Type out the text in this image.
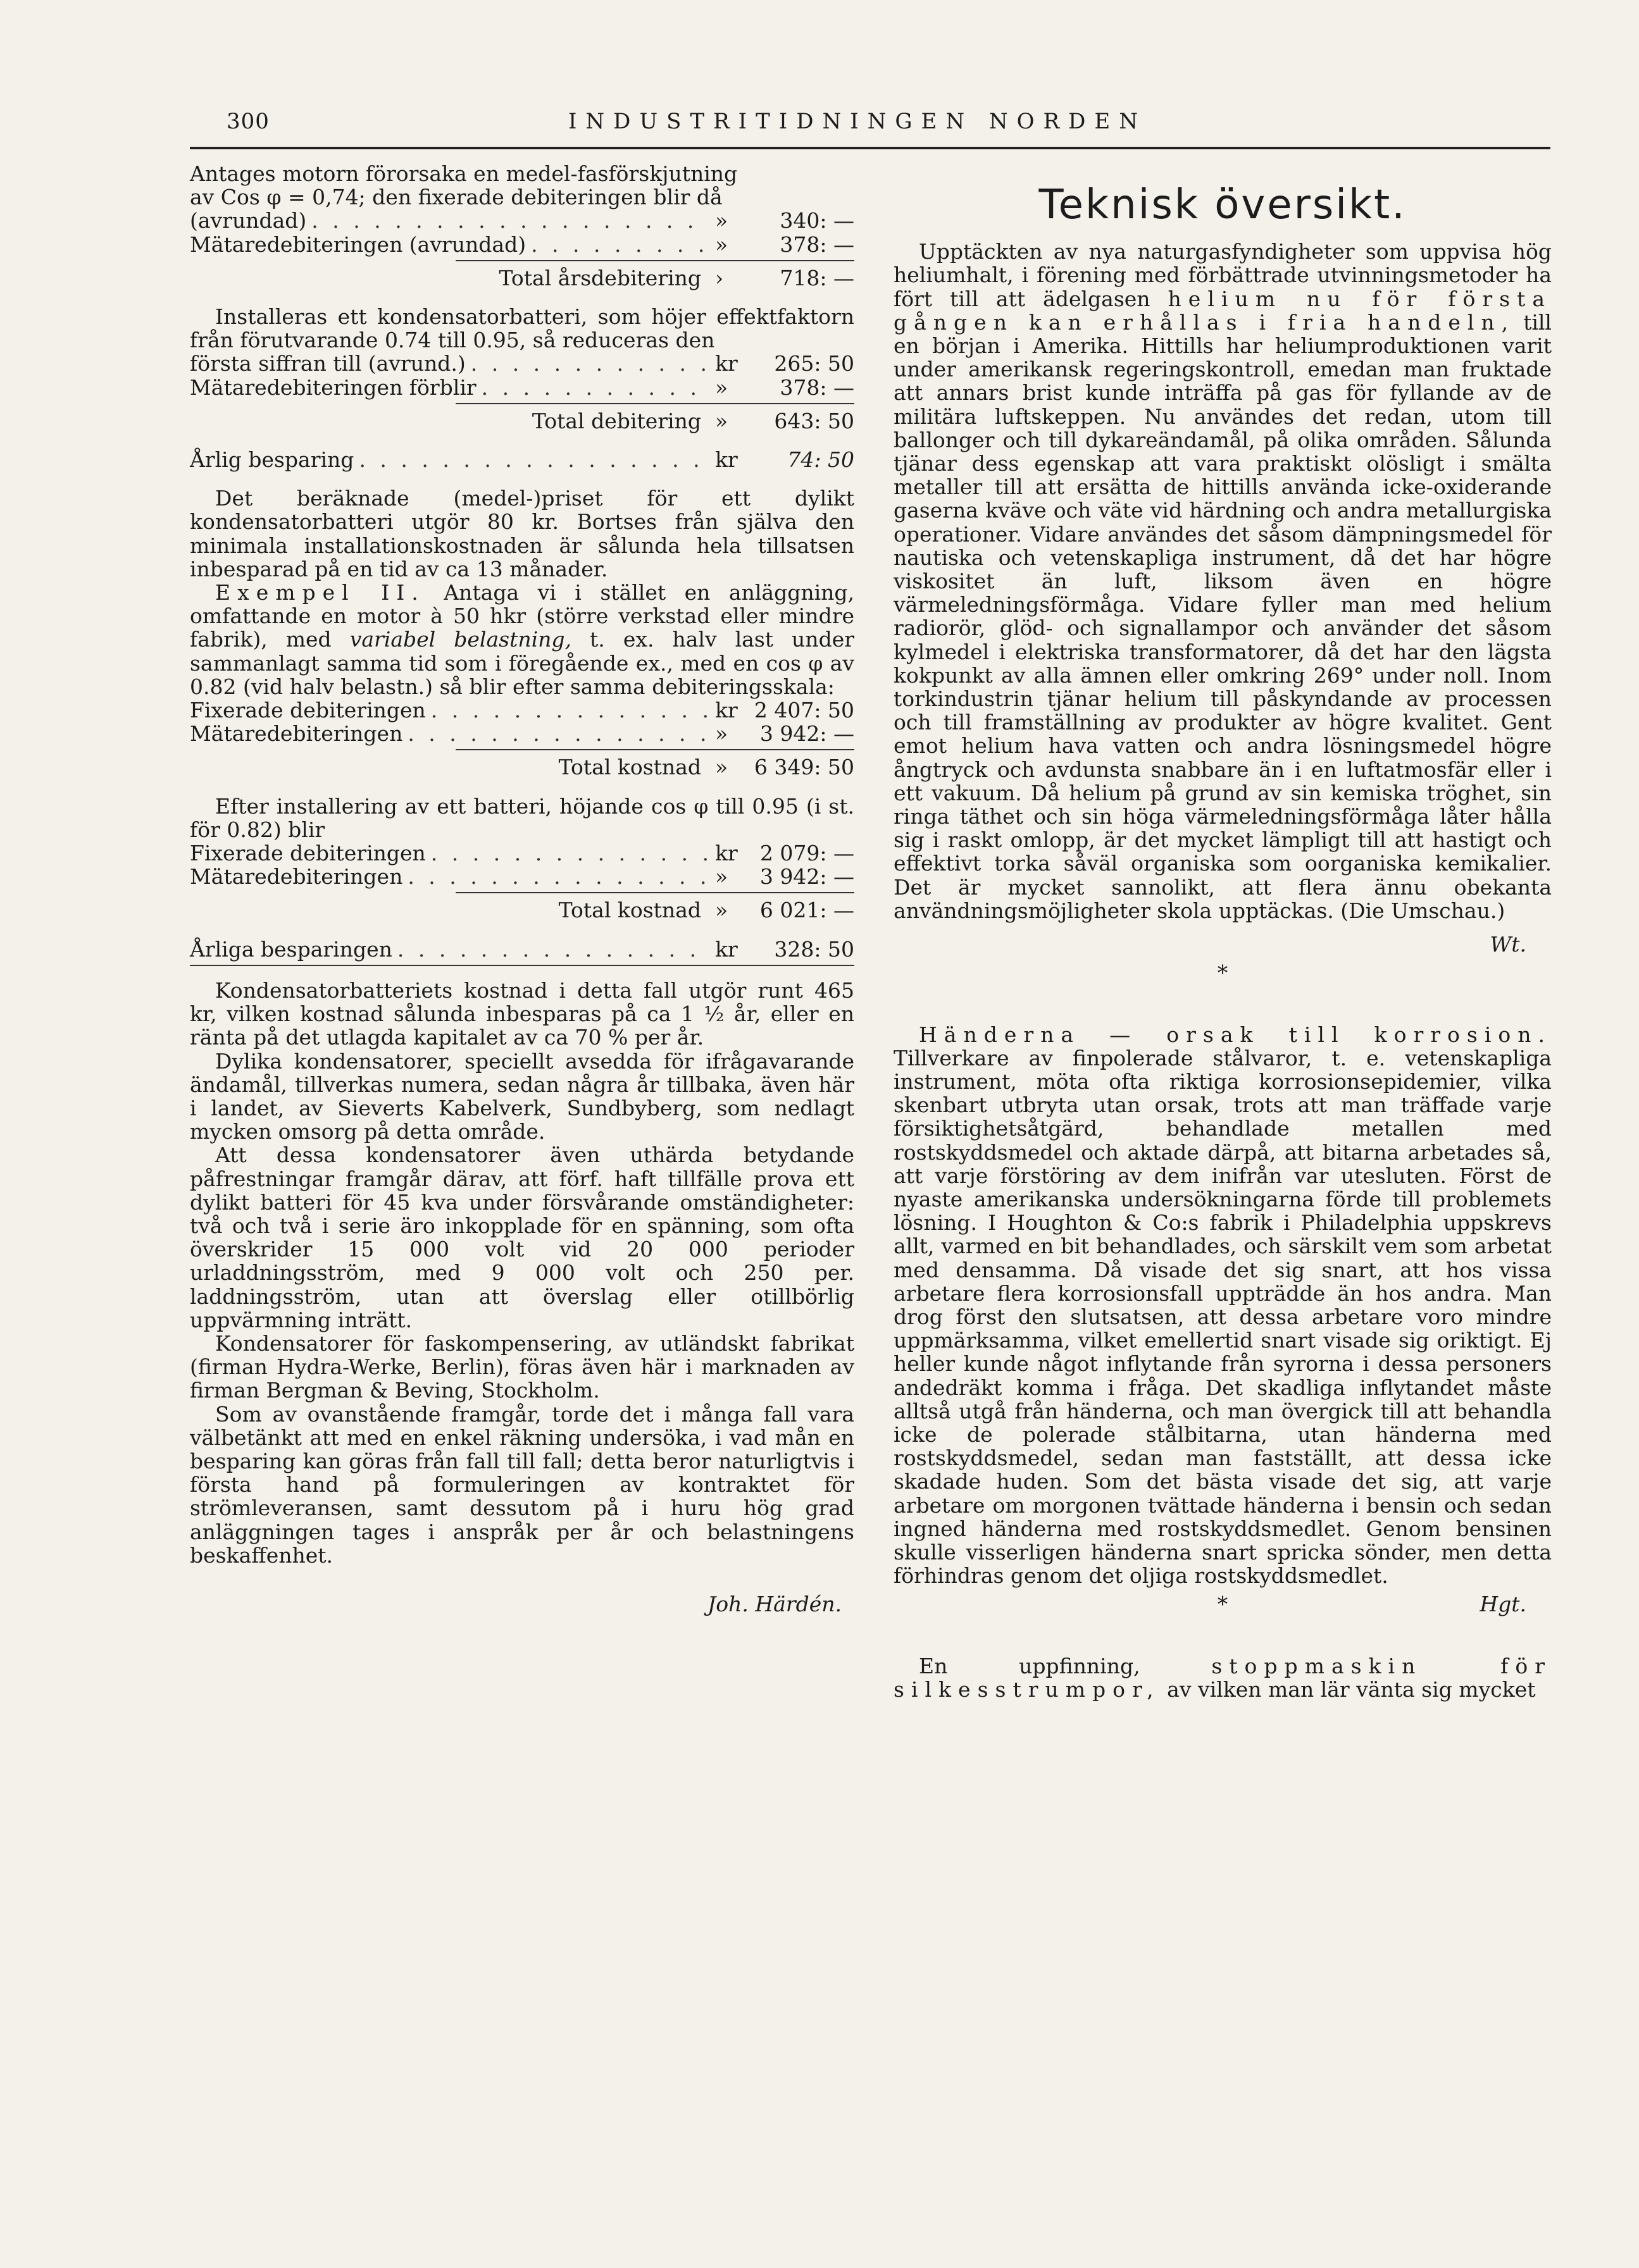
300	INDUSTRITIDNINGEN NORDEN

Antages motorn förorsaka en medel-fasförskjutning

av Cos φ = 0,74; den fixerade debiteringen blir då

(avrundad) . . .	»	340: —
Mätaredebiteringen (avrundad) . . .	»	378: —
Total årsdebitering ›	718: —

Installeras ett kondensatorbatteri, som höjer effektfaktorn från förutvarande 0.74 till 0.95, så reduceras den

första siffran till (avrund.) . . .	kr	265: 50
Mätaredebiteringen förblir . . .	»	378: —
Total debitering »	643: 50
Årlig besparing . . .	kr	74: 50

Det beräknade (medel-)priset för ett dylikt kondensatorbatteri utgör 80 kr. Bortses från själva den minimala installationskostnaden är sålunda hela tillsatsen inbesparad på en tid av ca 13 månader.

Exempel II. Antaga vi i stället en anläggning, omfattande en motor à 50 hkr (större verkstad eller mindre fabrik), med variabel belastning, t. ex. halv last under sammanlagt samma tid som i föregående ex., med en cos φ av 0.82 (vid halv belastn.) så blir efter samma debiteringsskala:

Fixerade debiteringen . . .	kr 2 407: 50
Mätaredebiteringen . . .	»	3 942: —
Total kostnad »	6 349: 50

Efter installering av ett batteri, höjande cos φ till 0.95 (i st. för 0.82) blir

Fixerade debiteringen . . .	kr	2 079: —
Mätaredebiteringen . . .	»	3 942: —
Total kostnad »	6 021: —
Årliga besparingen . . .	kr	328: 50

Kondensatorbatteriets kostnad i detta fall utgör runt 465 kr, vilken kostnad sålunda inbesparas på ca 1 ½ år, eller en ränta på det utlagda kapitalet av ca 70 % per år.

Dylika kondensatorer, speciellt avsedda för ifrågavarande ändamål, tillverkas numera, sedan några år tillbaka, även här i landet, av Sieverts Kabelverk, Sundbyberg, som nedlagt mycken omsorg på detta område.

Att dessa kondensatorer även uthärda betydande påfrestningar framgår därav, att förf. haft tillfälle prova ett dylikt batteri för 45 kva under försvårande omständigheter: två och två i serie äro inkopplade för en spänning, som ofta överskrider 15 000 volt vid 20 000 perioder urladdningsström, med 9 000 volt och 250 per. laddningsström, utan att överslag eller otillbörlig uppvärmning inträtt.

Kondensatorer för faskompensering, av utländskt fabrikat (firman Hydra-Werke, Berlin), föras även här i marknaden av firman Bergman & Beving, Stockholm.

Som av ovanstående framgår, torde det i många fall vara välbetänkt att med en enkel räkning undersöka, i vad mån en besparing kan göras från fall till fall; detta beror naturligtvis i första hand på formuleringen av kontraktet för strömleveransen, samt dessutom på i huru hög grad anläggningen tages i anspråk per år och belastningens beskaffenhet.

Joh. Härdén.

Teknisk översikt.

Upptäckten av nya naturgasfyndigheter som uppvisa hög heliumhalt, i förening med förbättrade utvinningsmetoder ha fört till att ädelgasen helium nu för första gången kan erhållas i fria handeln, till en början i Amerika. Hittills har heliumproduktionen varit under amerikansk regeringskontroll, emedan man fruktade att annars brist kunde inträffa på gas för fyllande av de militära luftskeppen. Nu användes det redan, utom till ballonger och till dykareändamål, på olika områden. Sålunda tjänar dess egenskap att vara praktiskt olösligt i smälta metaller till att ersätta de hittills använda icke-oxiderande gaserna kväve och väte vid härdning och andra metallurgiska operationer. Vidare användes det såsom dämpningsmedel för nautiska och vetenskapliga instrument, då det har högre viskositet än luft, liksom även en högre värmeledningsförmåga. Vidare fyller man med helium radiorör, glöd- och signallampor och använder det såsom kylmedel i elektriska transformatorer, då det har den lägsta kokpunkt av alla ämnen eller omkring 269° under noll. Inom torkindustrin tjänar helium till påskyndande av processen och till framställning av produkter av högre kvalitet. Gent emot helium hava vatten och andra lösningsmedel högre ångtryck och avdunsta snabbare än i en luftatmosfär eller i ett vakuum. Då helium på grund av sin kemiska tröghet, sin ringa täthet och sin höga värmeledningsförmåga låter hålla sig i raskt omlopp, är det mycket lämpligt till att hastigt och effektivt torka såväl organiska som oorganiska kemikalier. Det är mycket sannolikt, att flera ännu obekanta användningsmöjligheter skola upptäckas. (Die Umschau.)

Wt.

*

Händerna — orsak till korrosion. Tillverkare av finpolerade stålvaror, t. e. vetenskapliga instrument, möta ofta riktiga korrosionsepidemier, vilka skenbart utbryta utan orsak, trots att man träffade varje försiktighetsåtgärd, behandlade metallen med rostskyddsmedel och aktade därpå, att bitarna arbetades så, att varje förstöring av dem inifrån var utesluten. Först de nyaste amerikanska undersökningarna förde till problemets lösning. I Houghton & Co:s fabrik i Philadelphia uppskrevs allt, varmed en bit behandlades, och särskilt vem som arbetat med densamma. Då visade det sig snart, att hos vissa arbetare flera korrosionsfall uppträdde än hos andra. Man drog först den slutsatsen, att dessa arbetare voro mindre uppmärksamma, vilket emellertid snart visade sig oriktigt. Ej heller kunde något inflytande från syrorna i dessa personers andedräkt komma i fråga. Det skadliga inflytandet måste alltså utgå från händerna, och man övergick till att behandla icke de polerade stålbitarna, utan händerna med rostskyddsmedel, sedan man fastställt, att dessa icke skadade huden. Som det bästa visade det sig, att varje arbetare om morgonen tvättade händerna i bensin och sedan ingned händerna med rostskyddsmedlet. Genom bensinen skulle visserligen händerna snart spricka sönder, men detta förhindras genom det oljiga rostskyddsmedlet.

*	Hgt.

En uppfinning,	stoppmaskin för silkesstrumpor, av vilken man lär vänta sig mycket
